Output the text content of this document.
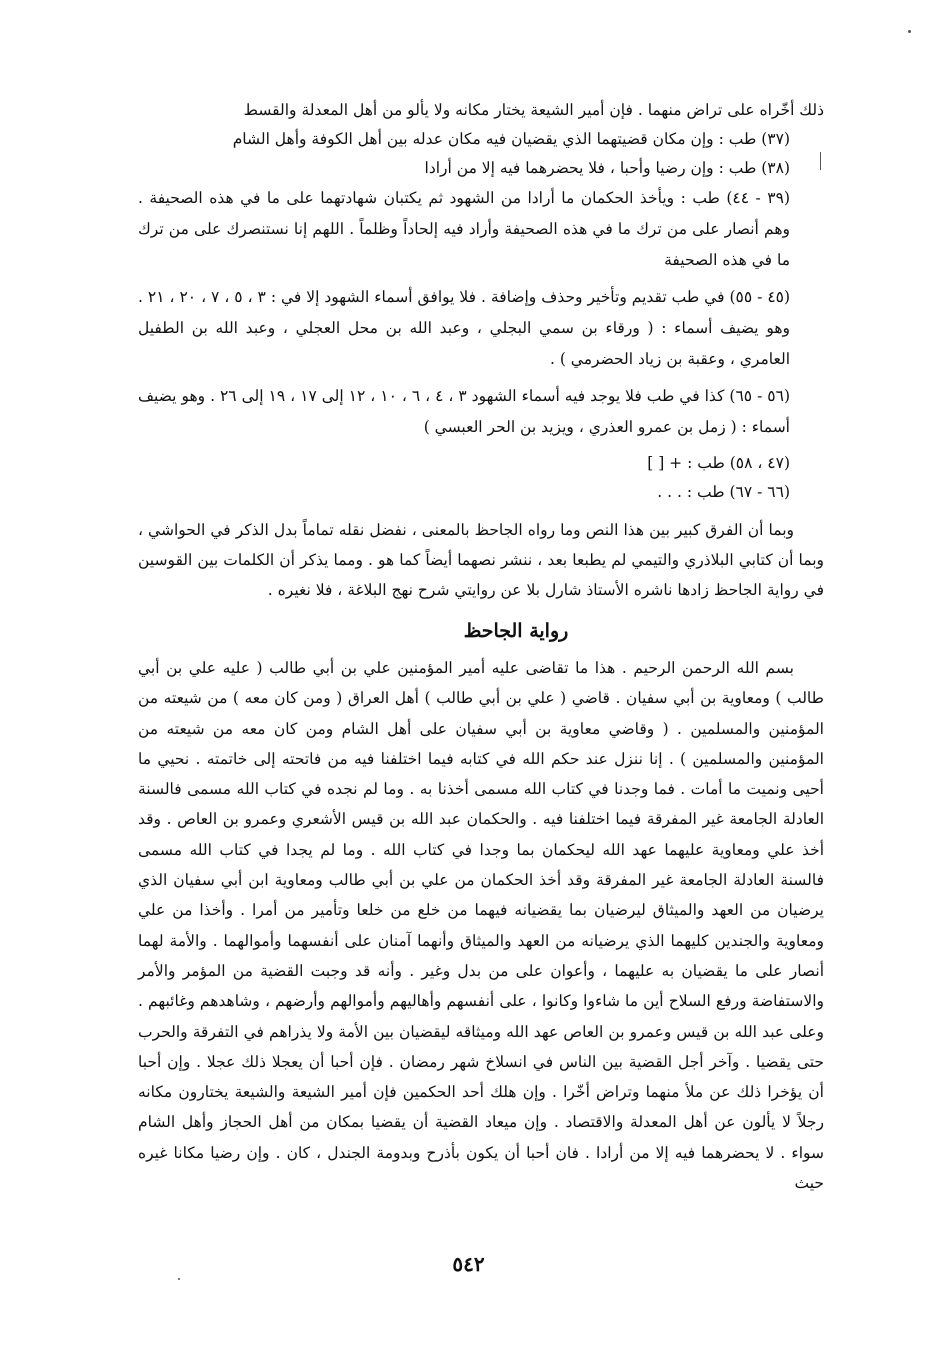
ذلك أخّراه على تراض منهما . فإن أمير الشيعة يختار مكانه ولا يألو من أهل المعدلة والقسط

(٣٧) طب : وإن مكان قضيتهما الذي يقضيان فيه مكان عدله بين أهل الكوفة وأهل الشام

(٣٨) طب : وإن رضيا وأحبا ، فلا يحضرهما فيه إلا من أرادا

(٣٩ - ٤٤) طب : ويأخذ الحكمان ما أرادا من الشهود ثم يكتبان شهادتهما على ما في هذه الصحيفة . وهم أنصار على من ترك ما في هذه الصحيفة وأراد فيه إلحاداً وظلماً . اللهم إنا نستنصرك على من ترك ما في هذه الصحيفة

(٤٥ - ٥٥) في طب تقديم وتأخير وحذف وإضافة . فلا يوافق أسماء الشهود إلا في : ٣ ، ٥ ، ٧ ، ٢٠ ، ٢١ . وهو يضيف أسماء : ( ورقاء بن سمي البجلي ، وعبد الله بن محل العجلي ، وعبد الله بن الطفيل العامري ، وعقبة بن زياد الحضرمي ) .

(٥٦ - ٦٥) كذا في طب فلا يوجد فيه أسماء الشهود ٣ ، ٤ ، ٦ ، ١٠ ، ١٢ إلى ١٧ ، ١٩ إلى ٢٦ . وهو يضيف أسماء : ( زمل بن عمرو العذري ، ويزيد بن الحر العبسي )

(٤٧ ، ٥٨) طب : + [ ]

(٦٦ - ٦٧) طب : . . .

وبما أن الفرق كبير بين هذا النص وما رواه الجاحظ بالمعنى ، نفضل نقله تماماً بدل الذكر في الحواشي ، وبما أن كتابي البلاذري والتيمي لم يطبعا بعد ، ننشر نصهما أيضاً كما هو . ومما يذكر أن الكلمات بين القوسين في رواية الجاحظ زادها ناشره الأستاذ شارل بلا عن روايتي شرح نهج البلاغة ، فلا نغيره .

رواية الجاحظ

بسم الله الرحمن الرحيم . هذا ما تقاضى عليه أمير المؤمنين علي بن أبي طالب ( عليه علي بن أبي طالب ) ومعاوية بن أبي سفيان . قاضي ( علي بن أبي طالب ) أهل العراق ( ومن كان معه ) من شيعته من المؤمنين والمسلمين . ( وقاضي معاوية بن أبي سفيان على أهل الشام ومن كان معه من شيعته من المؤمنين والمسلمين ) . إنا ننزل عند حكم الله في كتابه فيما اختلفنا فيه من فاتحته إلى خاتمته . نحيي ما أحيى ونميت ما أمات . فما وجدنا في كتاب الله مسمى أخذنا به . وما لم نجده في كتاب الله مسمى فالسنة العادلة الجامعة غير المفرقة فيما اختلفنا فيه . والحكمان عبد الله بن قيس الأشعري وعمرو بن العاص . وقد أخذ علي ومعاوية عليهما عهد الله ليحكمان بما وجدا في كتاب الله . وما لم يجدا في كتاب الله مسمى فالسنة العادلة الجامعة غير المفرقة وقد أخذ الحكمان من علي بن أبي طالب ومعاوية ابن أبي سفيان الذي يرضيان من العهد والميثاق ليرضيان بما يقضيانه فيهما من خلع من خلعا وتأمير من أمرا . وأخذا من علي ومعاوية والجندين كليهما الذي يرضيانه من العهد والميثاق وأنهما آمنان على أنفسهما وأموالهما . والأمة لهما أنصار على ما يقضيان به عليهما ، وأعوان على من بدل وغير . وأنه قد وجبت القضية من المؤمر والأمر والاستفاضة ورفع السلاح أين ما شاءوا وكانوا ، على أنفسهم وأهاليهم وأموالهم وأرضهم ، وشاهدهم وغائبهم . وعلى عبد الله بن قيس وعمرو بن العاص عهد الله وميثاقه ليقضيان بين الأمة ولا يذراهم في التفرقة والحرب حتى يقضيا . وآخر أجل القضية بين الناس في انسلاخ شهر رمضان . فإن أحبا أن يعجلا ذلك عجلا . وإن أحبا أن يؤخرا ذلك عن ملأ منهما وتراض أخّرا . وإن هلك أحد الحكمين فإن أمير الشيعة والشيعة يختارون مكانه رجلاً لا يألون عن أهل المعدلة والاقتصاد . وإن ميعاد القضية أن يقضيا بمكان من أهل الحجاز وأهل الشام سواء . لا يحضرهما فيه إلا من أرادا . فان أحبا أن يكون بأذرح وبدومة الجندل ، كان . وإن رضيا مكانا غيره حيث

٥٤٢
